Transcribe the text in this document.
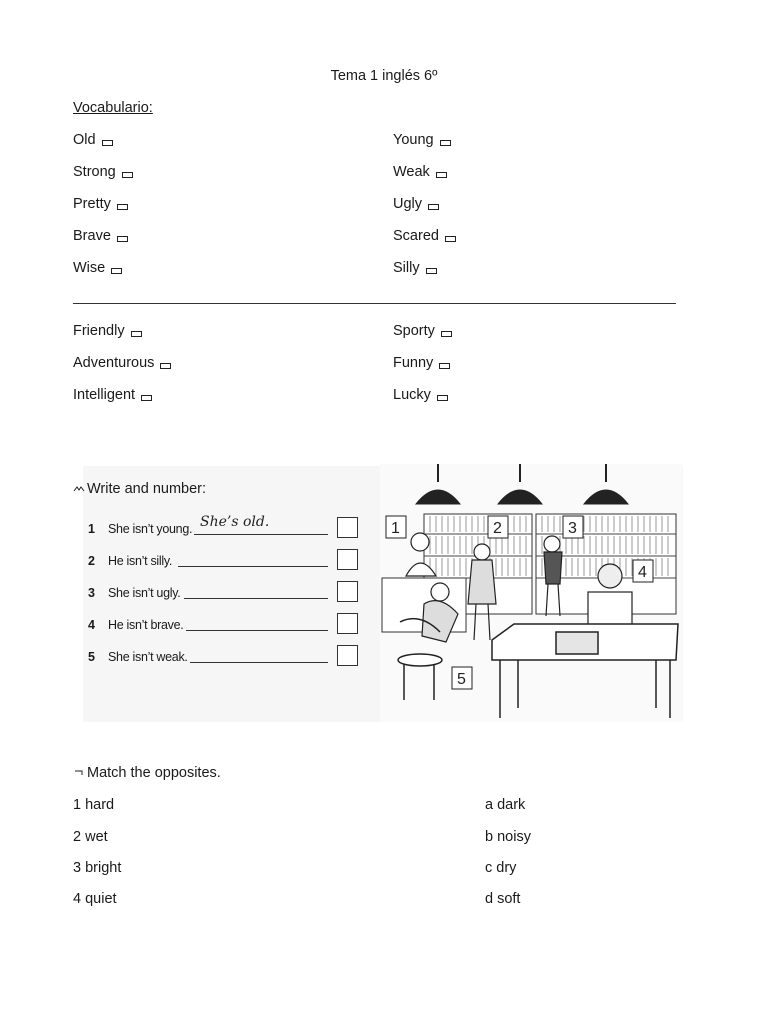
Tema 1 inglés 6º
Vocabulario:
Old	Young
Strong	Weak
Pretty	Ugly
Brave	Scared
Wise	Silly
Friendly	Sporty
Adventurous	Funny
Intelligent	Lucky
Write and number:
1 She isn’t young. She’s old.
2 He isn’t silly.
3 She isn’t ugly.
4 He isn’t brave.
5 She isn’t weak.
1	2	3
4
5
Match the opposites.
1 hard	a dark
2 wet	b noisy
3 bright	c dry
4 quiet	d soft
